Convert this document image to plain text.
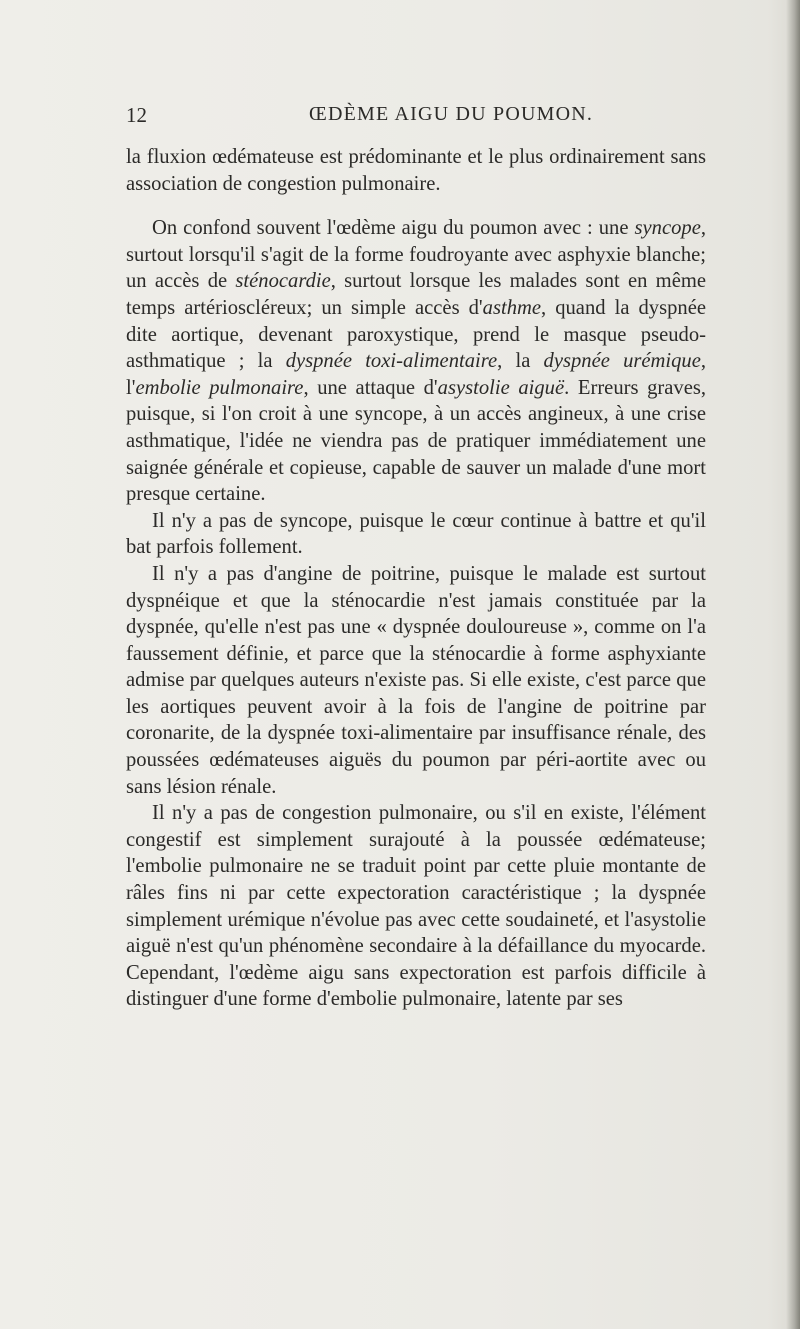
12	ŒDÈME AIGU DU POUMON.

la fluxion œdémateuse est prédominante et le plus ordinairement sans association de congestion pulmonaire.

On confond souvent l'œdème aigu du poumon avec : une syncope, surtout lorsqu'il s'agit de la forme foudroyante avec asphyxie blanche; un accès de sténocardie, surtout lorsque les malades sont en même temps artérioscléreux; un simple accès d'asthme, quand la dyspnée dite aortique, devenant paroxystique, prend le masque pseudo-asthmatique ; la dyspnée toxi-alimentaire, la dyspnée urémique, l'embolie pulmonaire, une attaque d'asystolie aiguë. Erreurs graves, puisque, si l'on croit à une syncope, à un accès angineux, à une crise asthmatique, l'idée ne viendra pas de pratiquer immédiatement une saignée générale et copieuse, capable de sauver un malade d'une mort presque certaine.

Il n'y a pas de syncope, puisque le cœur continue à battre et qu'il bat parfois follement.

Il n'y a pas d'angine de poitrine, puisque le malade est surtout dyspnéique et que la sténocardie n'est jamais constituée par la dyspnée, qu'elle n'est pas une « dyspnée douloureuse », comme on l'a faussement définie, et parce que la sténocardie à forme asphyxiante admise par quelques auteurs n'existe pas. Si elle existe, c'est parce que les aortiques peuvent avoir à la fois de l'angine de poitrine par coronarite, de la dyspnée toxi-alimentaire par insuffisance rénale, des poussées œdémateuses aiguës du poumon par péri-aortite avec ou sans lésion rénale.

Il n'y a pas de congestion pulmonaire, ou s'il en existe, l'élément congestif est simplement surajouté à la poussée œdémateuse; l'embolie pulmonaire ne se traduit point par cette pluie montante de râles fins ni par cette expectoration caractéristique ; la dyspnée simplement urémique n'évolue pas avec cette soudaineté, et l'asystolie aiguë n'est qu'un phénomène secondaire à la défaillance du myocarde. Cependant, l'œdème aigu sans expectoration est parfois difficile à distinguer d'une forme d'embolie pulmonaire, latente par ses
